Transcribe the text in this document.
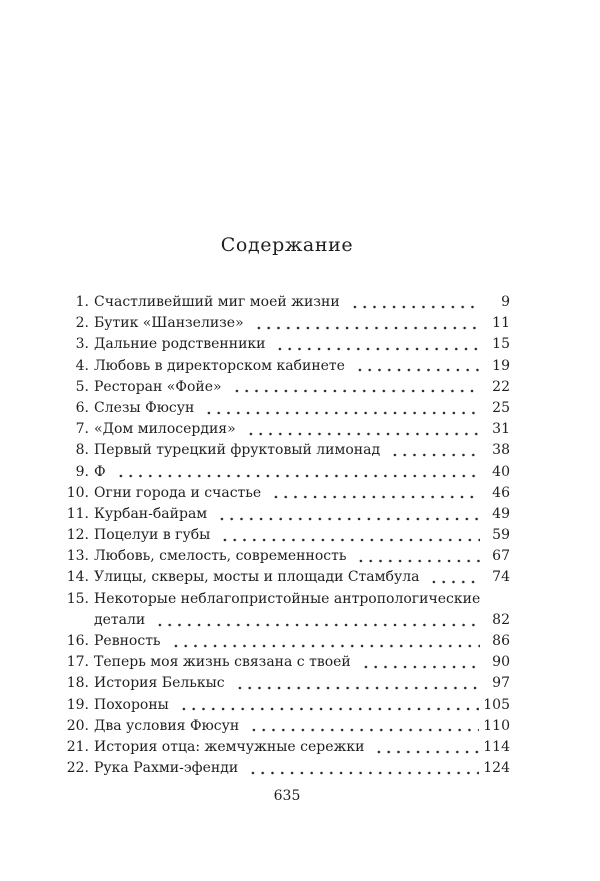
Содержание
1. Счастливейший миг моей жизни	9
2. Бутик «Шанзелизе»	11
3. Дальние родственники	15
4. Любовь в директорском кабинете	19
5. Ресторан «Фойе»	22
6. Слезы Фюсун	25
7. «Дом милосердия»	31
8. Первый турецкий фруктовый лимонад	38
9. Ф	40
10. Огни города и счастье	46
11. Курбан-байрам	49
12. Поцелуи в губы	59
13. Любовь, смелость, современность	67
14. Улицы, скверы, мосты и площади Стамбула	74
15. Некоторые неблагопристойные антропологические
детали	82
16. Ревность	86
17. Теперь моя жизнь связана с твоей	90
18. История Белькыс	97
19. Похороны	105
20. Два условия Фюсун	110
21. История отца: жемчужные сережки	114
22. Рука Рахми-эфенди	124
635
